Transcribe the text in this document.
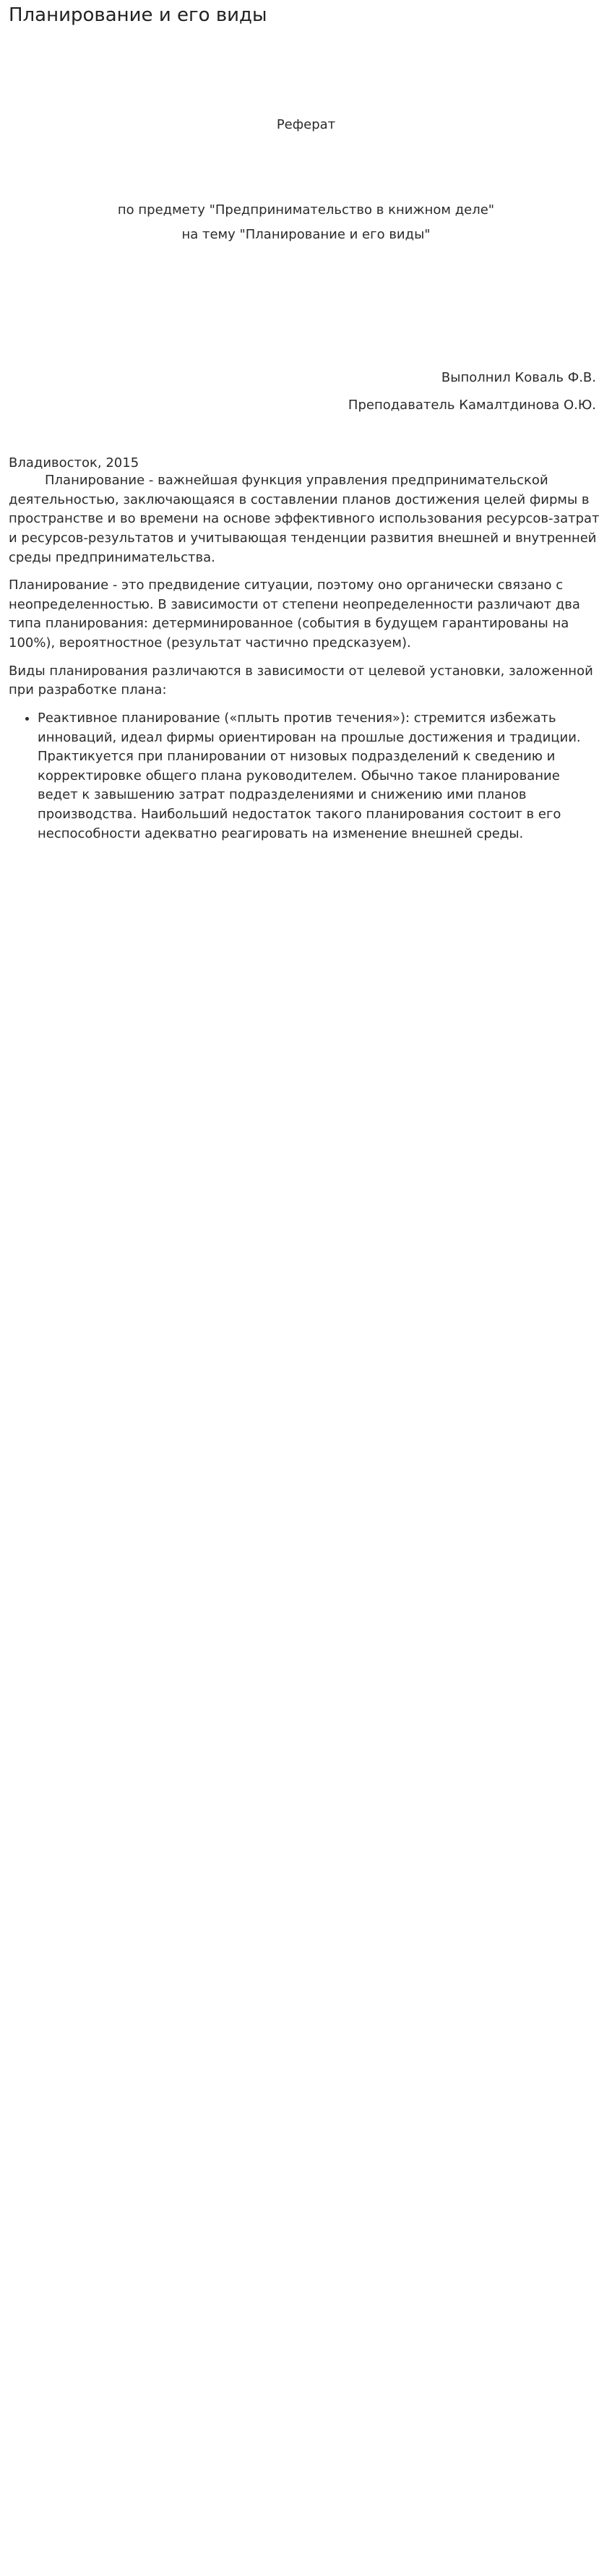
Планирование и его виды
Реферат
по предмету "Предпринимательство в книжном деле"
на тему "Планирование и его виды"
Выполнил Коваль Ф.В.
Преподаватель Камалтдинова О.Ю.
Владивосток, 2015

Планирование - важнейшая функция управления предпринимательской деятельностью, заключающаяся в составлении планов достижения целей фирмы в пространстве и во времени на основе эффективного использования ресурсов-затрат и ресурсов-результатов и учитывающая тенденции развития внешней и внутренней среды предпринимательства.

Планирование - это предвидение ситуации, поэтому оно органически связано с неопределенностью. В зависимости от степени неопределенности различают два типа планирования: детерминированное (события в будущем гарантированы на 100%), вероятностное (результат частично предсказуем).

Виды планирования различаются в зависимости от целевой установки, заложенной при разработке плана:

• Реактивное планирование («плыть против течения»): стремится избежать инноваций, идеал фирмы ориентирован на прошлые достижения и традиции. Практикуется при планировании от низовых подразделений к сведению и корректировке общего плана руководителем. Обычно такое планирование ведет к завышению затрат подразделениями и снижению ими планов производства. Наибольший недостаток такого планирования состоит в его неспособности адекватно реагировать на изменение внешней среды.
